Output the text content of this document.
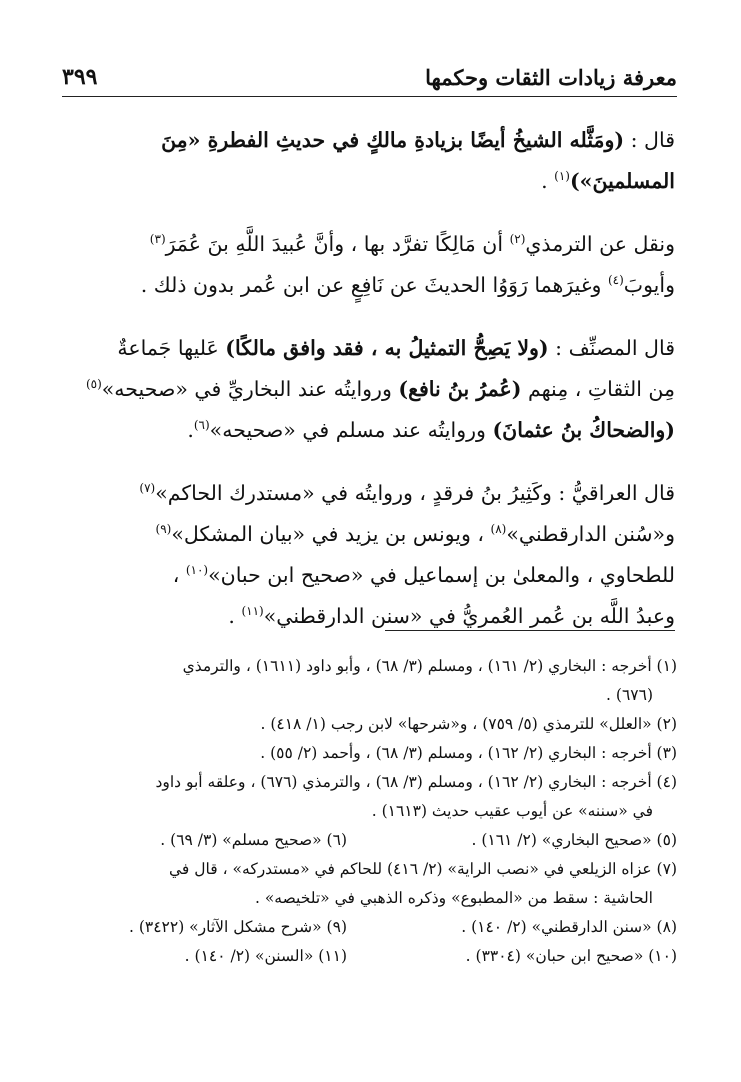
معرفة زيادات الثقات وحكمها
٣٩٩
قال : (ومَثَّله الشيخُ أيضًا بزيادةِ مالكٍ في حديثِ الفطرةِ «مِنَ
المسلمينَ»)$^{(١)}$ .
ونقل عن الترمذي$^{(٢)}$ أن مَالِكًا تفرَّد بها ، وأنَّ عُبيدَ اللَّهِ بنَ عُمَرَ$^{(٣)}$
وأيوبَ$^{(٤)}$ وغيرَهما رَوَوُا الحديثَ عن نَافِعٍ عن ابن عُمر بدون ذلك .
قال المصنِّف : (ولا يَصِحُّ التمثيلُ به ، فقد وافق مالكًا) عَليها جَماعةٌ
مِن الثقاتِ ، مِنهم (عُمرُ بنُ نافع) وروايتُه عند البخاريِّ في «صحيحه»$^{(٥)}$
(والضحاكُ بنُ عثمانَ) وروايتُه عند مسلم في «صحيحه»$^{(٦)}$.
قال العراقيُّ : وكَثِيرُ بنُ فرقدٍ ، وروايتُه في «مستدرك الحاكم»$^{(٧)}$
و«سُنن الدارقطني»$^{(٨)}$ ، ويونس بن يزيد في «بيان المشكل»$^{(٩)}$
للطحاوي ، والمعلىٰ بن إسماعيل في «صحيح ابن حبان»$^{(١٠)}$ ،
وعبدُ اللَّه بن عُمر العُمريُّ في «سنن الدارقطني»$^{(١١)}$ .
(١) أخرجه : البخاري (٢/ ١٦١) ، ومسلم (٣/ ٦٨) ، وأبو داود (١٦١١) ، والترمذي
(٦٧٦) .
(٢) «العلل» للترمذي (٥/ ٧٥٩) ، و«شرحها» لابن رجب (١/ ٤١٨) .
(٣) أخرجه : البخاري (٢/ ١٦٢) ، ومسلم (٣/ ٦٨) ، وأحمد (٢/ ٥٥) .
(٤) أخرجه : البخاري (٢/ ١٦٢) ، ومسلم (٣/ ٦٨) ، والترمذي (٦٧٦) ، وعلقه أبو داود
في «سننه» عن أيوب عقيب حديث (١٦١٣) .
(٥) «صحيح البخاري» (٢/ ١٦١) .
(٦) «صحيح مسلم» (٣/ ٦٩) .
(٧) عزاه الزيلعي في «نصب الراية» (٢/ ٤١٦) للحاكم في «مستدركه» ، قال في
الحاشية : سقط من «المطبوع» وذكره الذهبي في «تلخيصه» .
(٨) «سنن الدارقطني» (٢/ ١٤٠) .
(٩) «شرح مشكل الآثار» (٣٤٢٢) .
(١٠) «صحيح ابن حبان» (٣٣٠٤) .
(١١) «السنن» (٢/ ١٤٠) .
